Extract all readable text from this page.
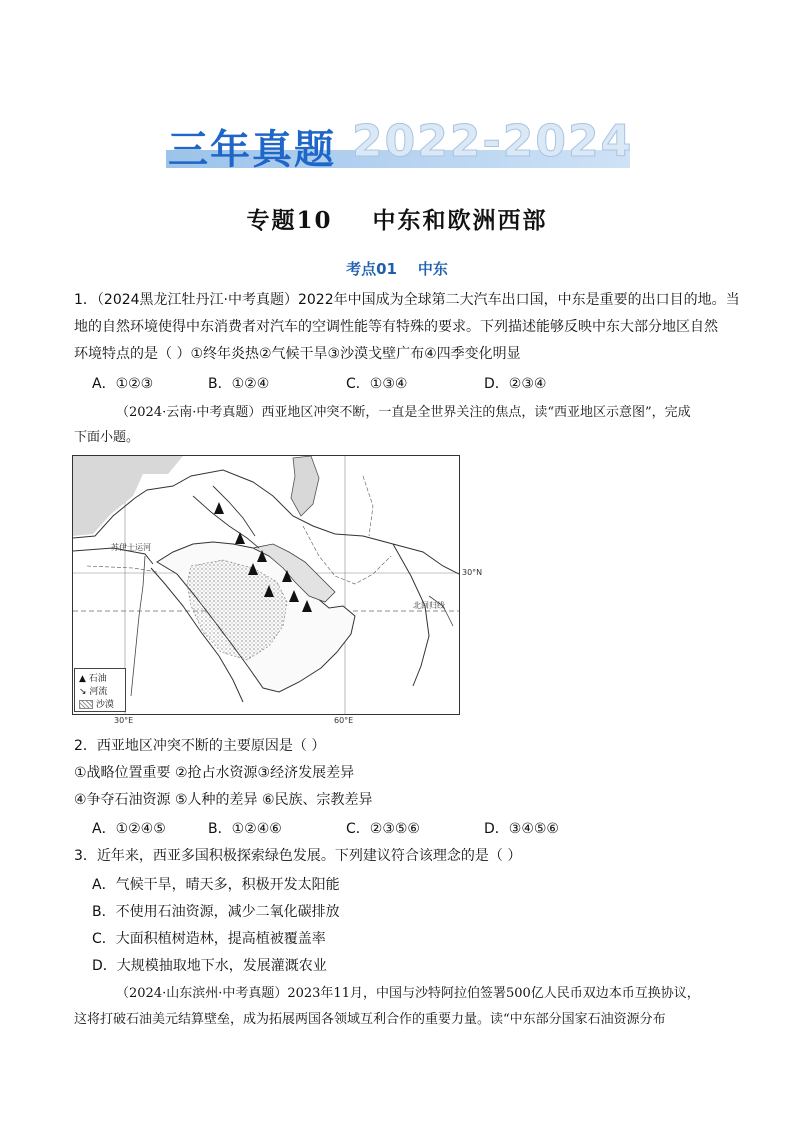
三年真题 2022-2024
专题10    中东和欧洲西部
考点01    中东
1．（2024黑龙江牡丹江·中考真题）2022年中国成为全球第二大汽车出口国，中东是重要的出口目的地。当
地的自然环境使得中东消费者对汽车的空调性能等有特殊的要求。下列描述能够反映中东大部分地区自然
环境特点的是（ ）①终年炎热②气候干旱③沙漠戈壁广布④四季变化明显
A．①②③	B．①②④	C．①③④	D．②③④
（2024·云南·中考真题）西亚地区冲突不断，一直是全世界关注的焦点，读“西亚地区示意图”，完成
下面小题。
苏伊士运河
北回归线
30°N
30°E	60°E
▲ 石油
↘ 河流
沙漠
2．西亚地区冲突不断的主要原因是（ ）
①战略位置重要 ②抢占水资源③经济发展差异
④争夺石油资源 ⑤人种的差异 ⑥民族、宗教差异
A．①②④⑤	B．①②④⑥	C．②③⑤⑥	D．③④⑤⑥
3．近年来，西亚多国积极探索绿色发展。下列建议符合该理念的是（ ）
A．气候干旱，晴天多，积极开发太阳能
B．不使用石油资源，减少二氧化碳排放
C．大面积植树造林，提高植被覆盖率
D．大规模抽取地下水，发展灌溉农业
（2024·山东滨州·中考真题）2023年11月，中国与沙特阿拉伯签署500亿人民币双边本币互换协议，
这将打破石油美元结算壁垒，成为拓展两国各领域互利合作的重要力量。读“中东部分国家石油资源分布
